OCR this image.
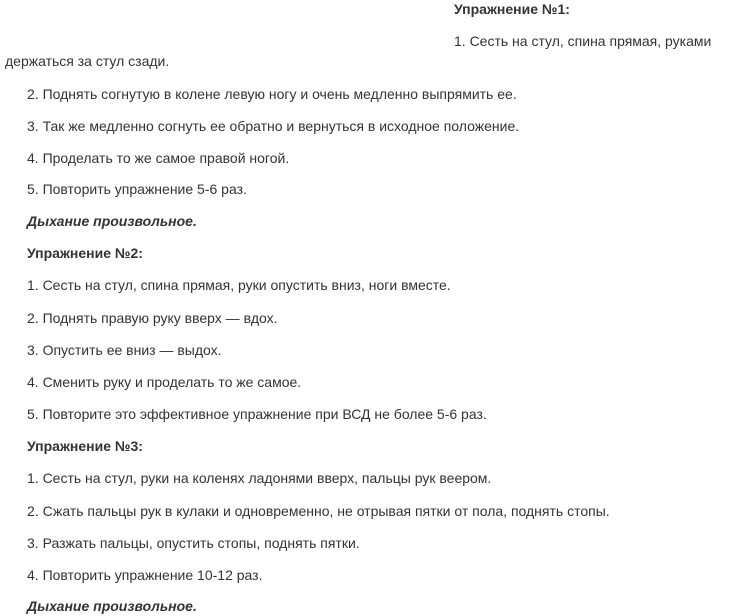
Упражнение №1:
1. Сесть на стул, спина прямая, руками
держаться за стул сзади.
2. Поднять согнутую в колене левую ногу и очень медленно выпрямить ее.
3. Так же медленно согнуть ее обратно и вернуться в исходное положение.
4. Проделать то же самое правой ногой.
5. Повторить упражнение 5-6 раз.
Дыхание произвольное.
Упражнение №2:
1. Сесть на стул, спина прямая, руки опустить вниз, ноги вместе.
2. Поднять правую руку вверх — вдох.
3. Опустить ее вниз — выдох.
4. Сменить руку и проделать то же самое.
5. Повторите это эффективное упражнение при ВСД не более 5-6 раз.
Упражнение №3:
1. Сесть на стул, руки на коленях ладонями вверх, пальцы рук веером.
2. Сжать пальцы рук в кулаки и одновременно, не отрывая пятки от пола, поднять стопы.
3. Разжать пальцы, опустить стопы, поднять пятки.
4. Повторить упражнение 10-12 раз.
Дыхание произвольное.
